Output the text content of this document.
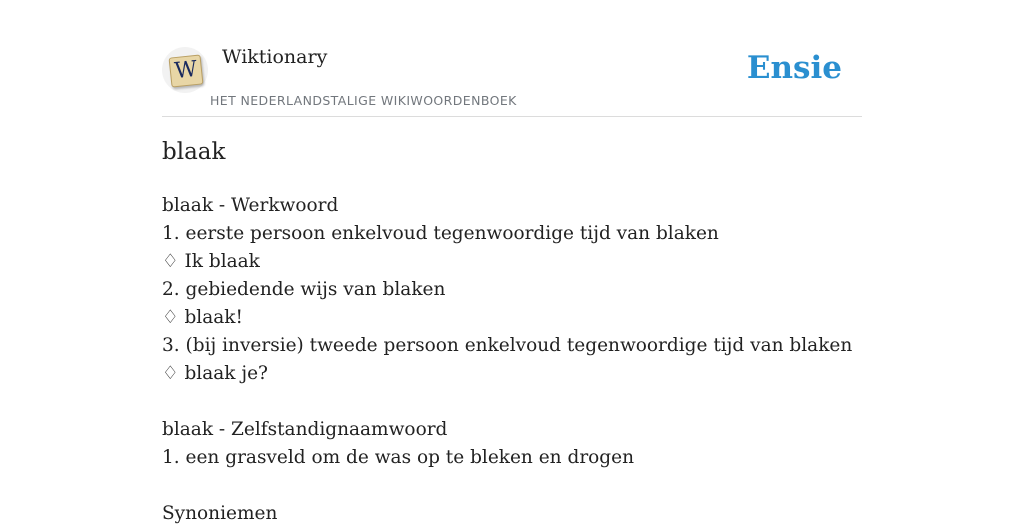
W Wiktionary
HET NEDERLANDSTALIGE WIKIWOORDENBOEK
Ensie
blaak
blaak - Werkwoord
1. eerste persoon enkelvoud tegenwoordige tijd van blaken
♢ Ik blaak
2. gebiedende wijs van blaken
♢ blaak!
3. (bij inversie) tweede persoon enkelvoud tegenwoordige tijd van blaken
♢ blaak je?
blaak - Zelfstandignaamwoord
1. een grasveld om de was op te bleken en drogen
Synoniemen
